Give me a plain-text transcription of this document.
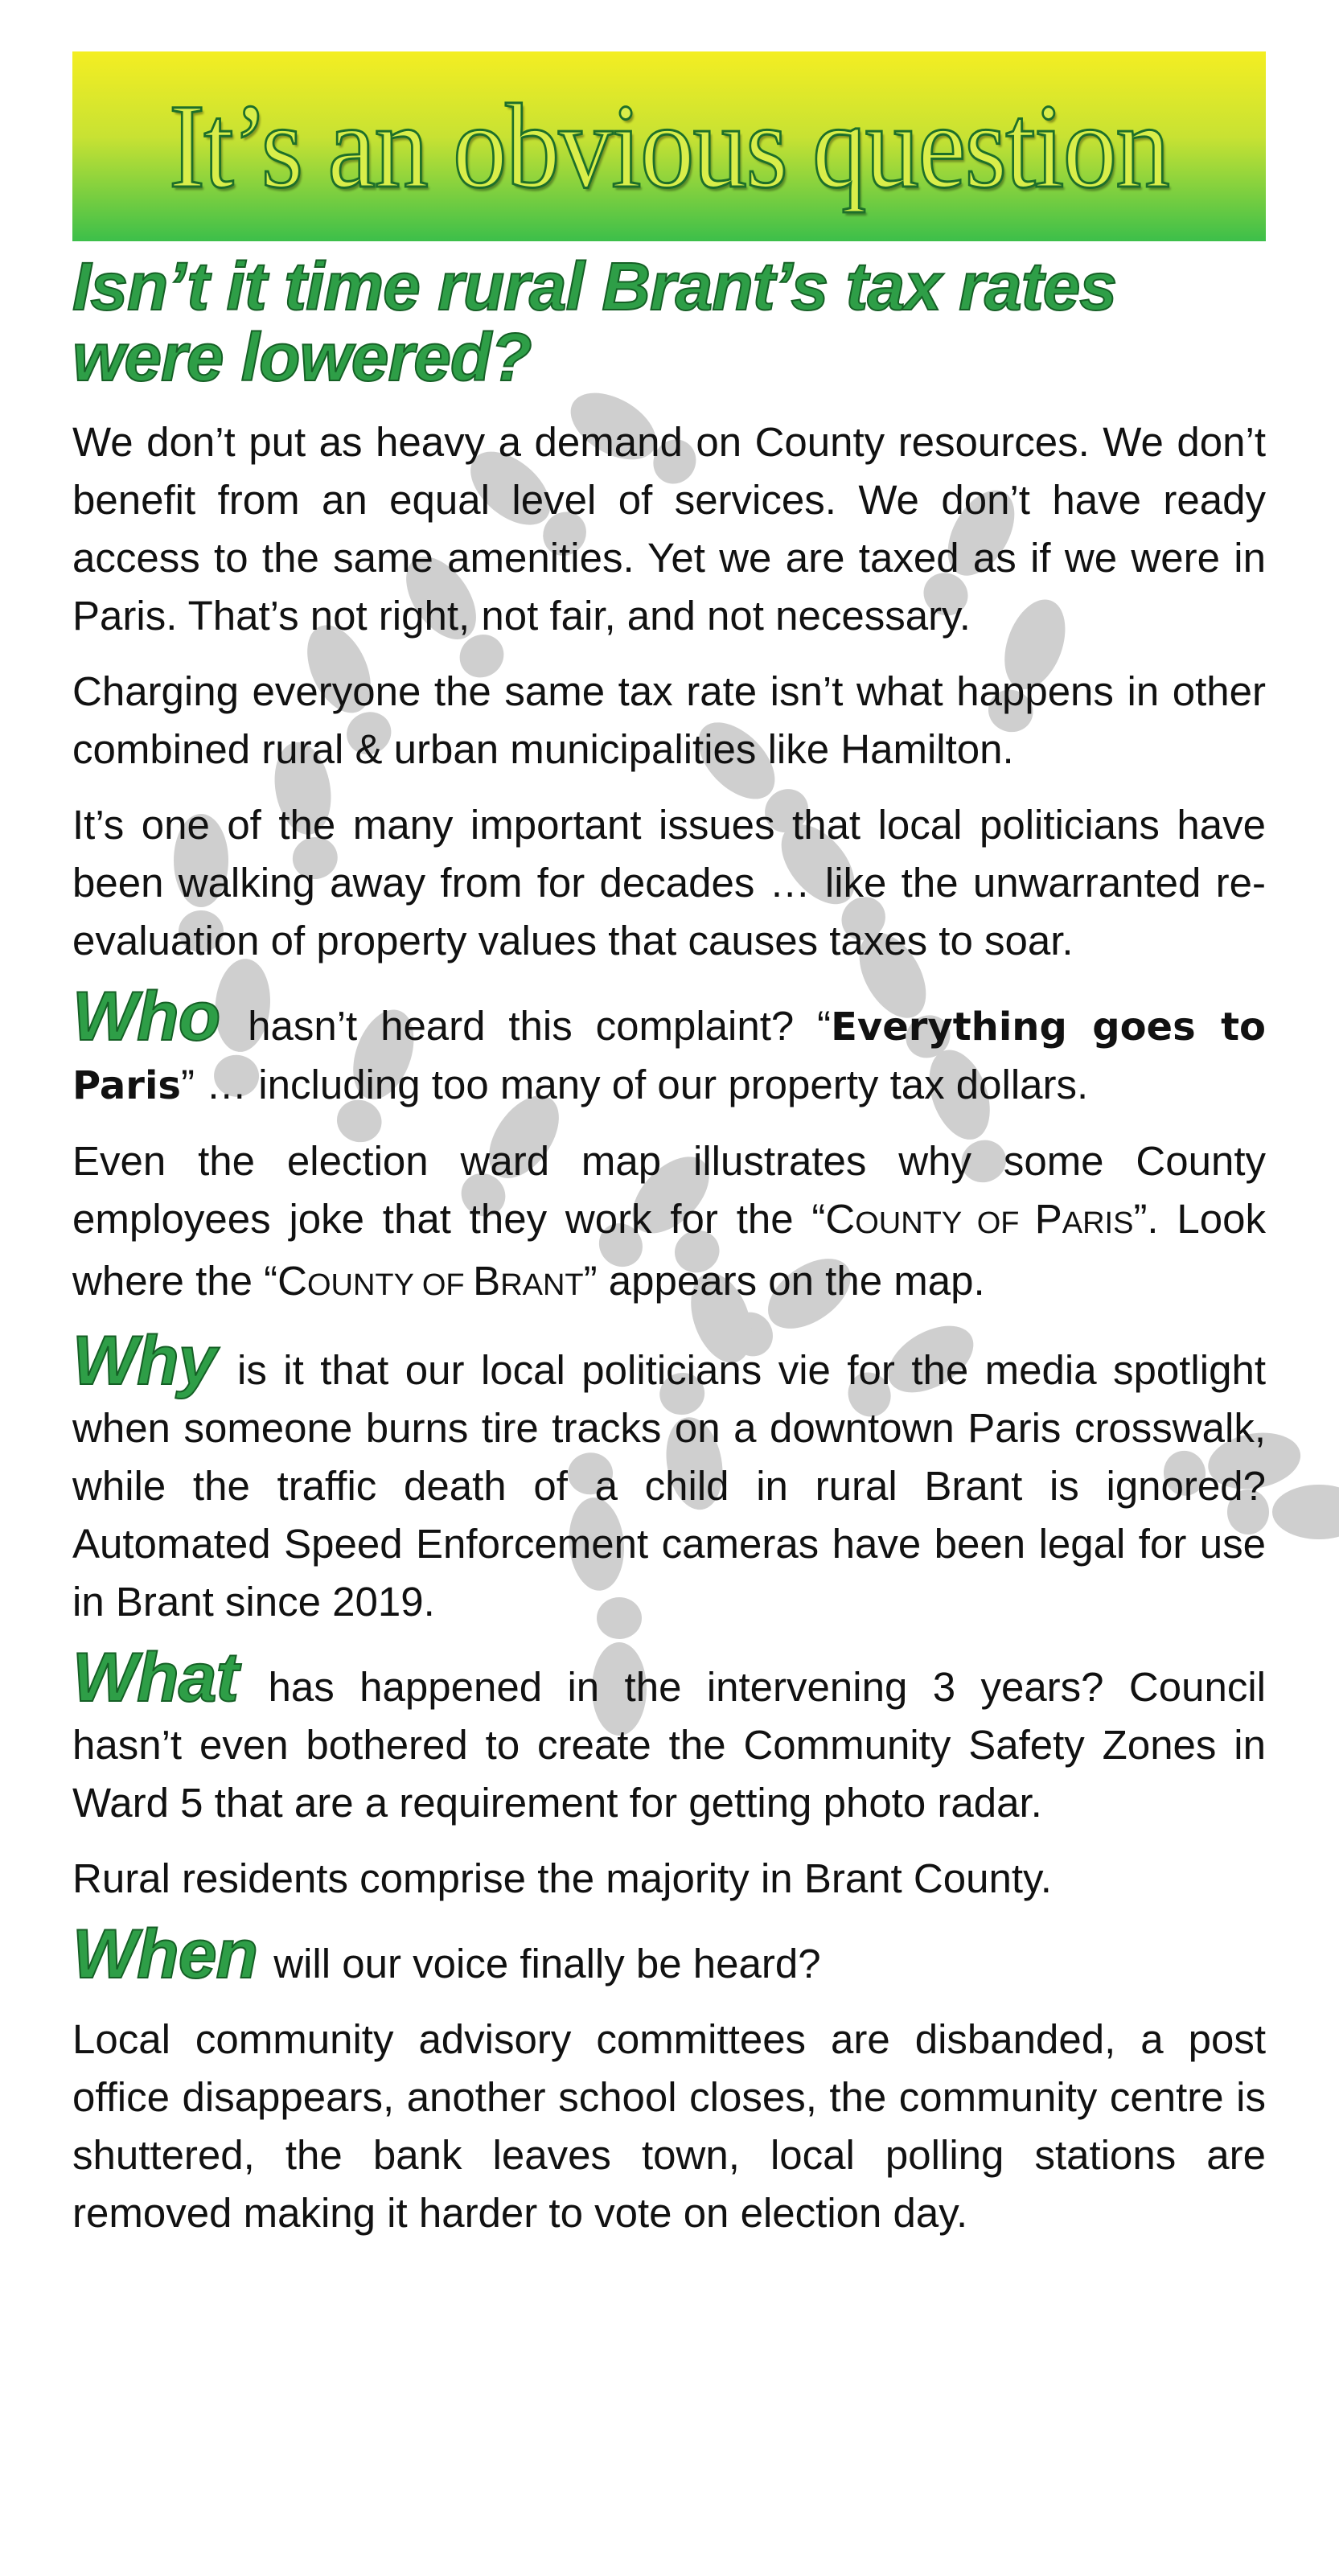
It’s an obvious question
Isn’t it time rural Brant’s tax rates were lowered?

We don’t put as heavy a demand on County resources. We don’t benefit from an equal level of services. We don’t have ready access to the same amenities. Yet we are taxed as if we were in Paris. That’s not right, not fair, and not necessary.

Charging everyone the same tax rate isn’t what happens in other combined rural & urban municipalities like Hamilton.

It’s one of the many important issues that local politicians have been walking away from for decades … like the unwarranted re-evaluation of property values that causes taxes to soar.

Who hasn’t heard this complaint? “Everything goes to Paris” … including too many of our property tax dollars.

Even the election ward map illustrates why some County employees joke that they work for the “COUNTY OF PARIS”. Look where the “COUNTY OF BRANT” appears on the map.

Why is it that our local politicians vie for the media spotlight when someone burns tire tracks on a downtown Paris crosswalk, while the traffic death of a child in rural Brant is ignored? Automated Speed Enforcement cameras have been legal for use in Brant since 2019.

What has happened in the intervening 3 years? Council hasn’t even bothered to create the Community Safety Zones in Ward 5 that are a requirement for getting photo radar.

Rural residents comprise the majority in Brant County.

When will our voice finally be heard?

Local community advisory committees are disbanded, a post office disappears, another school closes, the community centre is shuttered, the bank leaves town, local polling stations are removed making it harder to vote on election day.
